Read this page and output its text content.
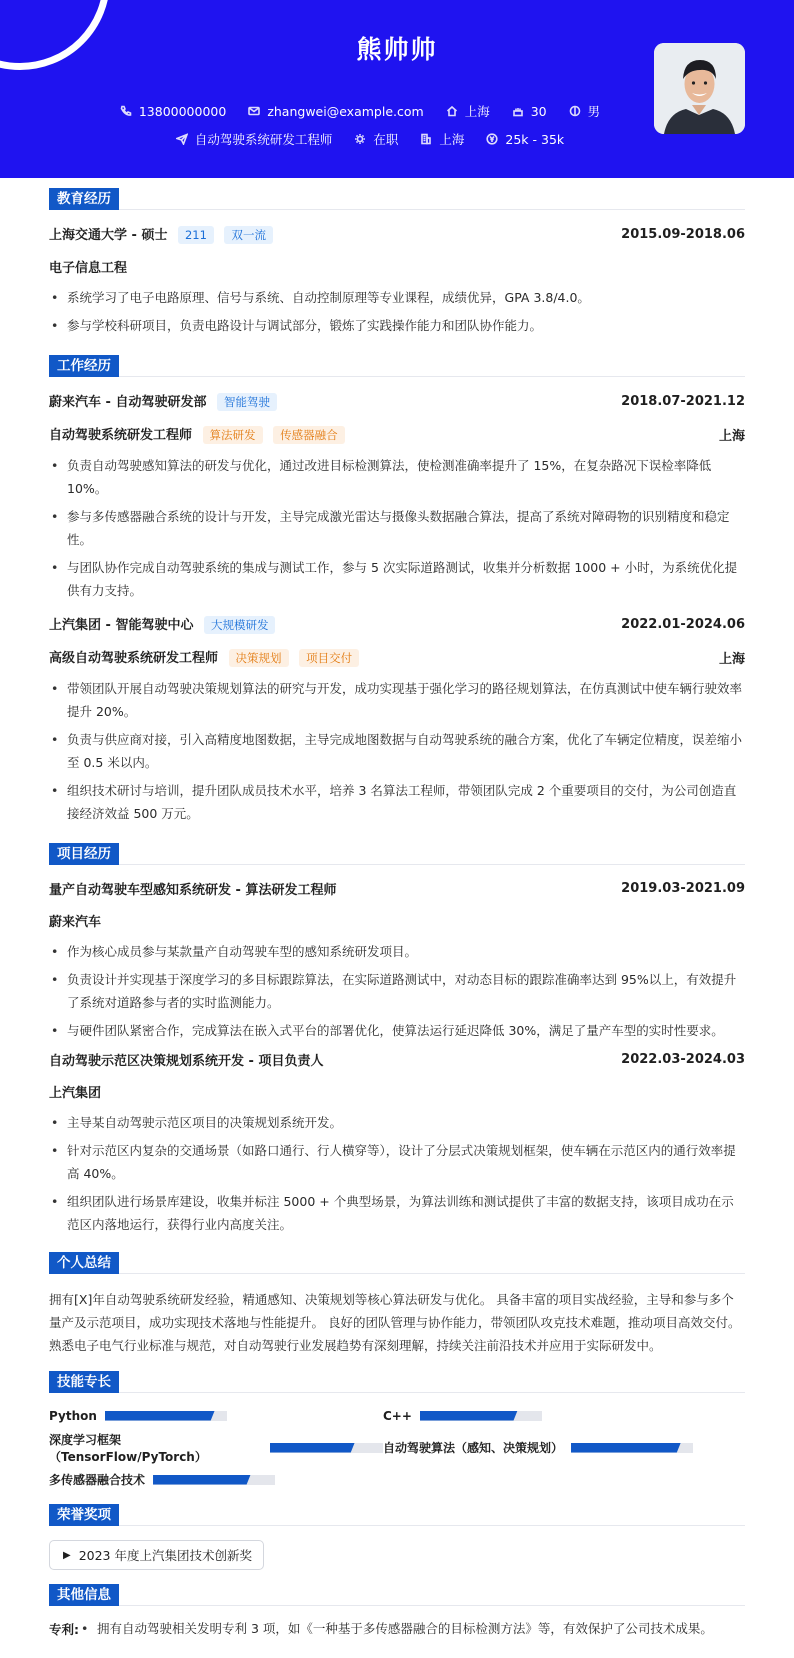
熊帅帅
13800000000	zhangwei@example.com	上海	30	男
自动驾驶系统研发工程师	在职	上海	25k - 35k
教育经历
上海交通大学 - 硕士 211 双一流	2015.09-2018.06
电子信息工程
• 系统学习了电子电路原理、信号与系统、自动控制原理等专业课程，成绩优异，GPA 3.8/4.0。
• 参与学校科研项目，负责电路设计与调试部分，锻炼了实践操作能力和团队协作能力。
工作经历
蔚来汽车 - 自动驾驶研发部 智能驾驶	2018.07-2021.12
自动驾驶系统研发工程师 算法研发 传感器融合	上海
• 负责自动驾驶感知算法的研发与优化，通过改进目标检测算法，使检测准确率提升了 15%，在复杂路况下误检率降低 10%。
• 参与多传感器融合系统的设计与开发，主导完成激光雷达与摄像头数据融合算法，提高了系统对障碍物的识别精度和稳定性。
• 与团队协作完成自动驾驶系统的集成与测试工作，参与 5 次实际道路测试，收集并分析数据 1000 + 小时，为系统优化提供有力支持。
上汽集团 - 智能驾驶中心 大规模研发	2022.01-2024.06
高级自动驾驶系统研发工程师 决策规划 项目交付	上海
• 带领团队开展自动驾驶决策规划算法的研究与开发，成功实现基于强化学习的路径规划算法，在仿真测试中使车辆行驶效率提升 20%。
• 负责与供应商对接，引入高精度地图数据，主导完成地图数据与自动驾驶系统的融合方案，优化了车辆定位精度，误差缩小至 0.5 米以内。
• 组织技术研讨与培训，提升团队成员技术水平，培养 3 名算法工程师，带领团队完成 2 个重要项目的交付，为公司创造直接经济效益 500 万元。
项目经历
量产自动驾驶车型感知系统研发 - 算法研发工程师	2019.03-2021.09
蔚来汽车
• 作为核心成员参与某款量产自动驾驶车型的感知系统研发项目。
• 负责设计并实现基于深度学习的多目标跟踪算法，在实际道路测试中，对动态目标的跟踪准确率达到 95%以上，有效提升了系统对道路参与者的实时监测能力。
• 与硬件团队紧密合作，完成算法在嵌入式平台的部署优化，使算法运行延迟降低 30%，满足了量产车型的实时性要求。
自动驾驶示范区决策规划系统开发 - 项目负责人	2022.03-2024.03
上汽集团
• 主导某自动驾驶示范区项目的决策规划系统开发。
• 针对示范区内复杂的交通场景（如路口通行、行人横穿等），设计了分层式决策规划框架，使车辆在示范区内的通行效率提高 40%。
• 组织团队进行场景库建设，收集并标注 5000 + 个典型场景，为算法训练和测试提供了丰富的数据支持，该项目成功在示范区内落地运行，获得行业内高度关注。
个人总结
拥有[X]年自动驾驶系统研发经验，精通感知、决策规划等核心算法研发与优化。 具备丰富的项目实战经验，主导和参与多个量产及示范项目，成功实现技术落地与性能提升。 良好的团队管理与协作能力，带领团队攻克技术难题，推动项目高效交付。 熟悉电子电气行业标准与规范，对自动驾驶行业发展趋势有深刻理解，持续关注前沿技术并应用于实际研发中。
技能专长
Python	C++
深度学习框架（TensorFlow/PyTorch）
自动驾驶算法（感知、决策规划）
多传感器融合技术
荣誉奖项
▶ 2023 年度上汽集团技术创新奖
其他信息
专利:
•	拥有自动驾驶相关发明专利 3 项，如《一种基于多传感器融合的目标检测方法》等，有效保护了公司技术成果。
